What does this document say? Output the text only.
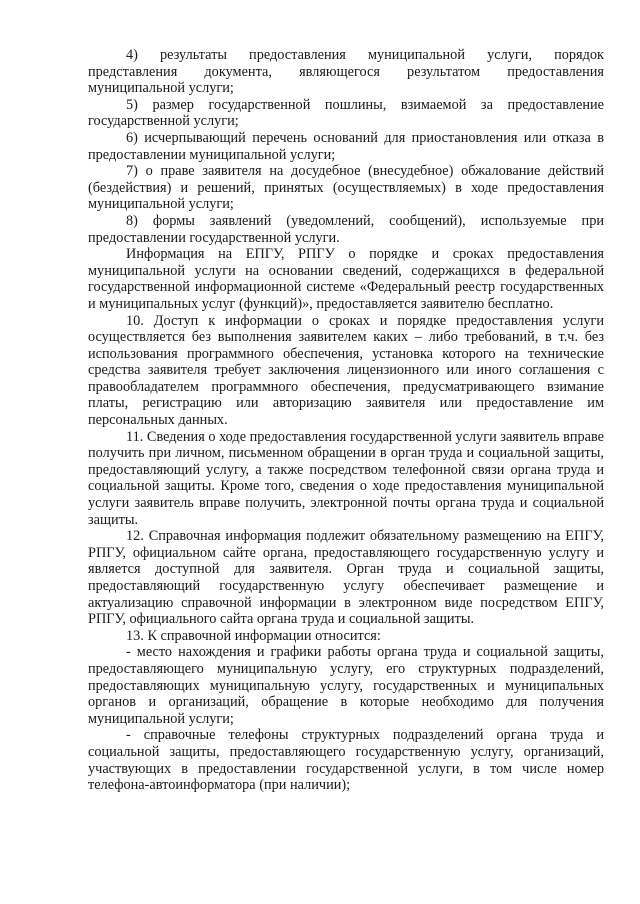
4) результаты предоставления муниципальной услуги, порядок представления документа, являющегося результатом предоставления муниципальной услуги;

5) размер государственной пошлины, взимаемой за предоставление государственной услуги;

6) исчерпывающий перечень оснований для приостановления или отказа в предоставлении муниципальной услуги;

7) о праве заявителя на досудебное (внесудебное) обжалование действий (бездействия) и решений, принятых (осуществляемых) в ходе предоставления муниципальной услуги;

8) формы заявлений (уведомлений, сообщений), используемые при предоставлении государственной услуги.

Информация на ЕПГУ, РПГУ о порядке и сроках предоставления муниципальной услуги на основании сведений, содержащихся в федеральной государственной информационной системе «Федеральный реестр государственных и муниципальных услуг (функций)», предоставляется заявителю бесплатно.

10. Доступ к информации о сроках и порядке предоставления услуги осуществляется без выполнения заявителем каких – либо требований, в т.ч. без использования программного обеспечения, установка которого на технические средства заявителя требует заключения лицензионного или иного соглашения с правообладателем программного обеспечения, предусматривающего взимание платы, регистрацию или авторизацию заявителя или предоставление им персональных данных.

11. Сведения о ходе предоставления государственной услуги заявитель вправе получить при личном, письменном обращении в орган труда и социальной защиты, предоставляющий услугу, а также посредством телефонной связи органа труда и социальной защиты. Кроме того, сведения о ходе предоставления муниципальной услуги заявитель вправе получить, электронной почты органа труда и социальной защиты.

12. Справочная информация подлежит обязательному размещению на ЕПГУ, РПГУ, официальном сайте органа, предоставляющего государственную услугу и является доступной для заявителя. Орган труда и социальной защиты, предоставляющий государственную услугу обеспечивает размещение и актуализацию справочной информации в электронном виде посредством ЕПГУ, РПГУ, официального сайта органа труда и социальной защиты.

13. К справочной информации относится:

- место нахождения и графики работы органа труда и социальной защиты, предоставляющего муниципальную услугу, его структурных подразделений, предоставляющих муниципальную услугу, государственных и муниципальных органов и организаций, обращение в которые необходимо для получения муниципальной услуги;

- справочные телефоны структурных подразделений органа труда и социальной защиты, предоставляющего государственную услугу, организаций, участвующих в предоставлении государственной услуги, в том числе номер телефона-автоинформатора (при наличии);
